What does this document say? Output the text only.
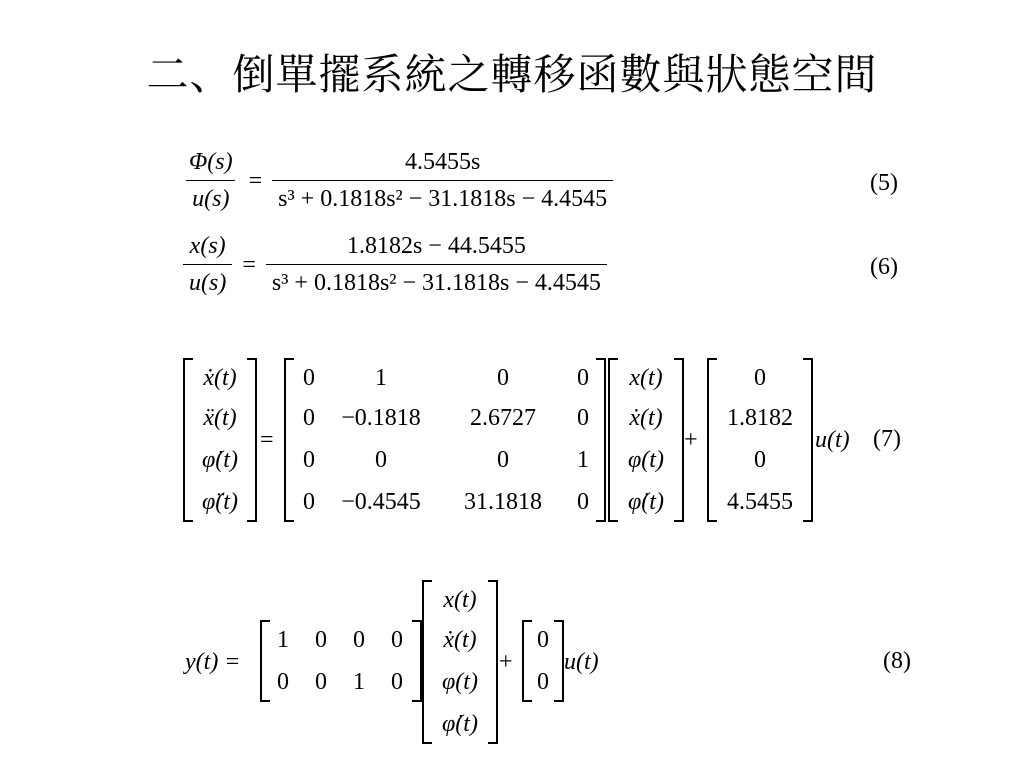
二、倒單擺系統之轉移函數與狀態空間
$\frac{\Phi(s)}{u(s)} = \frac{4.5455s}{\text{s³ + 0.1818s² − 31.1818s − 4.4545}}$	(5)
$\frac{x(s)}{u(s)} = \frac{1.8182s - 44.5455}{\text{s³ + 0.1818s² − 31.1818s − 4.4545}}$	(6)
ẋ(t)
ẍ(t)
φ̇(t)
φ̈(t)
=
0	1	0	0
0	−0.1818	2.6727	0
0	0	0	1
0	−0.4545	31.1818	0
x(t)
ẋ(t)
φ(t)
φ̇(t)
+
0
1.8182
0
4.5455
u(t) (7)
y(t) =
1	0	0	0
0	0	1	0
x(t)
ẋ(t)
φ(t)
φ̇(t)
+
0
0
u(t)	(8)
